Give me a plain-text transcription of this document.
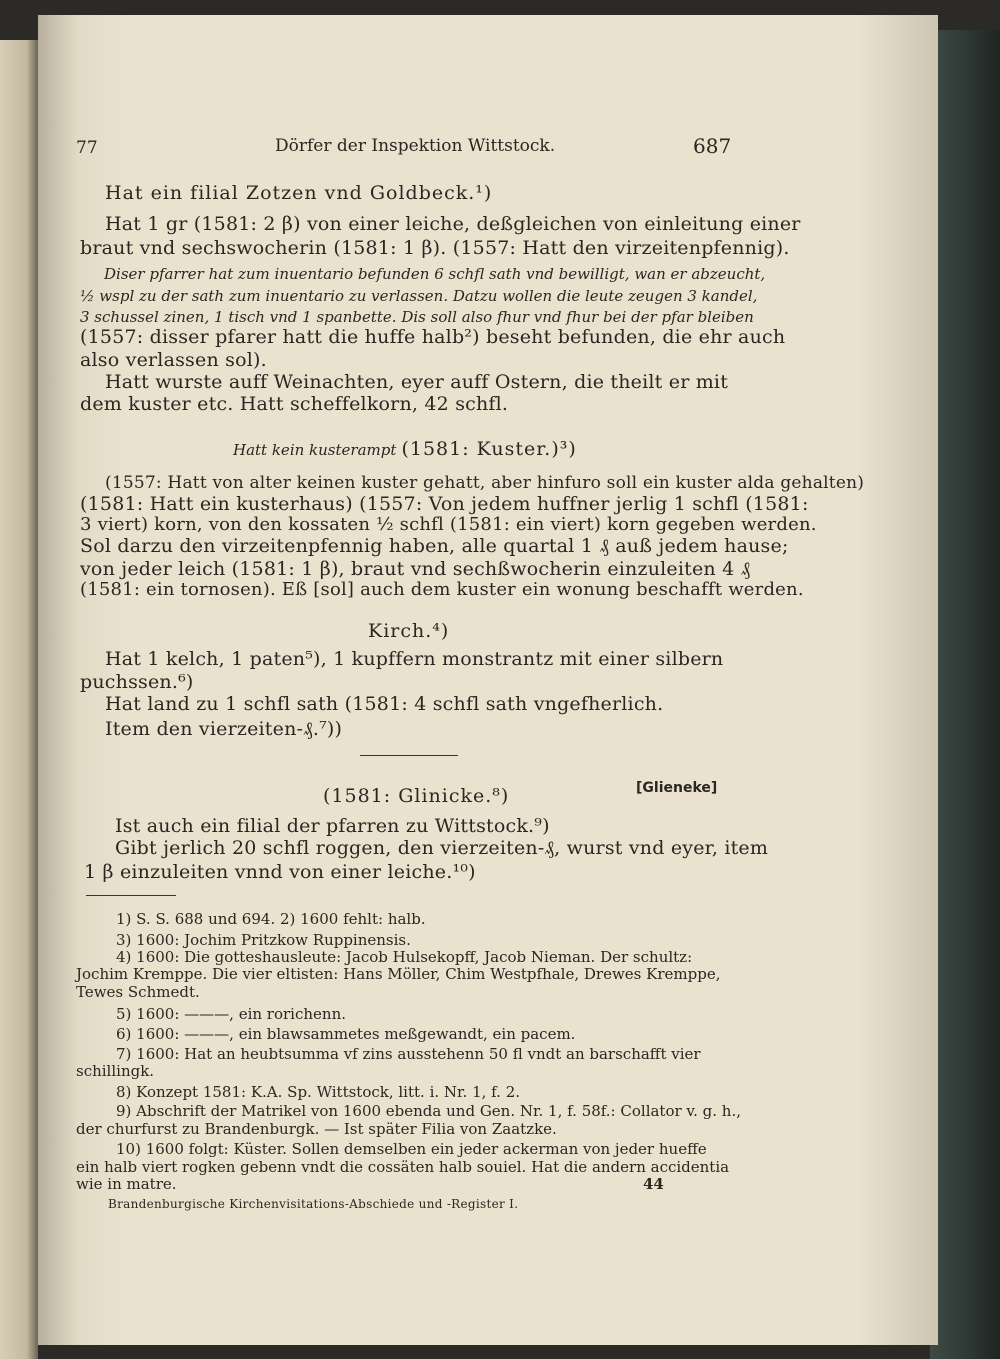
77	Dörfer der Inspektion Wittstock.	687
Hat ein filial Zotzen vnd Goldbeck.¹)
Hat 1 gr (1581: 2 β) von einer leiche, deßgleichen von einleitung einer
braut vnd sechswocherin (1581: 1 β). (1557: Hatt den virzeitenpfennig).
Diser pfarrer hat zum inuentario befunden 6 schfl sath vnd bewilligt, wan er abzeucht,
½ wspl zu der sath zum inuentario zu verlassen. Datzu wollen die leute zeugen 3 kandel,
3 schussel zinen, 1 tisch vnd 1 spanbette. Dis soll also fhur vnd fhur bei der pfar bleiben
(1557: disser pfarer hatt die huffe halb²) beseht befunden, die ehr auch
also verlassen sol).
Hatt wurste auff Weinachten, eyer auff Ostern, die theilt er mit
dem kuster etc. Hatt scheffelkorn, 42 schfl.
Hatt kein kusterampt (1581: Kuster.)³)
(1557: Hatt von alter keinen kuster gehatt, aber hinfuro soll ein kuster alda gehalten)
(1581: Hatt ein kusterhaus) (1557: Von jedem huffner jerlig 1 schfl (1581:
3 viert) korn, von den kossaten ½ schfl (1581: ein viert) korn gegeben werden.
Sol darzu den virzeitenpfennig haben, alle quartal 1 ₰ auß jedem hause;
von jeder leich (1581: 1 β), braut vnd sechßwocherin einzuleiten 4 ₰
(1581: ein tornosen). Eß [sol] auch dem kuster ein wonung beschafft werden.
Kirch.⁴)
Hat 1 kelch, 1 paten⁵), 1 kupffern monstrantz mit einer silbern
puchssen.⁶)
Hat land zu 1 schfl sath (1581: 4 schfl sath vngefherlich.
Item den vierzeiten-₰.⁷))
(1581: Glinicke.⁸)	[Glieneke]
Ist auch ein filial der pfarren zu Wittstock.⁹)
Gibt jerlich 20 schfl roggen, den vierzeiten-₰, wurst vnd eyer, item
1 β einzuleiten vnnd von einer leiche.¹⁰)
1) S. S. 688 und 694. 2) 1600 fehlt: halb.
3) 1600: Jochim Pritzkow Ruppinensis.
4) 1600: Die gotteshausleute: Jacob Hulsekopff, Jacob Nieman. Der schultz:
Jochim Kremppe. Die vier eltisten: Hans Möller, Chim Westpfhale, Drewes Kremppe,
Tewes Schmedt.
5) 1600: ———, ein rorichenn.
6) 1600: ———, ein blawsammetes meßgewandt, ein pacem.
7) 1600: Hat an heubtsumma vf zins ausstehenn 50 fl vndt an barschafft vier
schillingk.
8) Konzept 1581: K.A. Sp. Wittstock, litt. i. Nr. 1, f. 2.
9) Abschrift der Matrikel von 1600 ebenda und Gen. Nr. 1, f. 58f.: Collator v. g. h.,
der churfurst zu Brandenburgk. — Ist später Filia von Zaatzke.
10) 1600 folgt: Küster. Sollen demselben ein jeder ackerman von jeder hueffe
ein halb viert rogken gebenn vndt die cossäten halb souiel. Hat die andern accidentia
wie in matre.	44
Brandenburgische Kirchenvisitations-Abschiede und -Register I.
